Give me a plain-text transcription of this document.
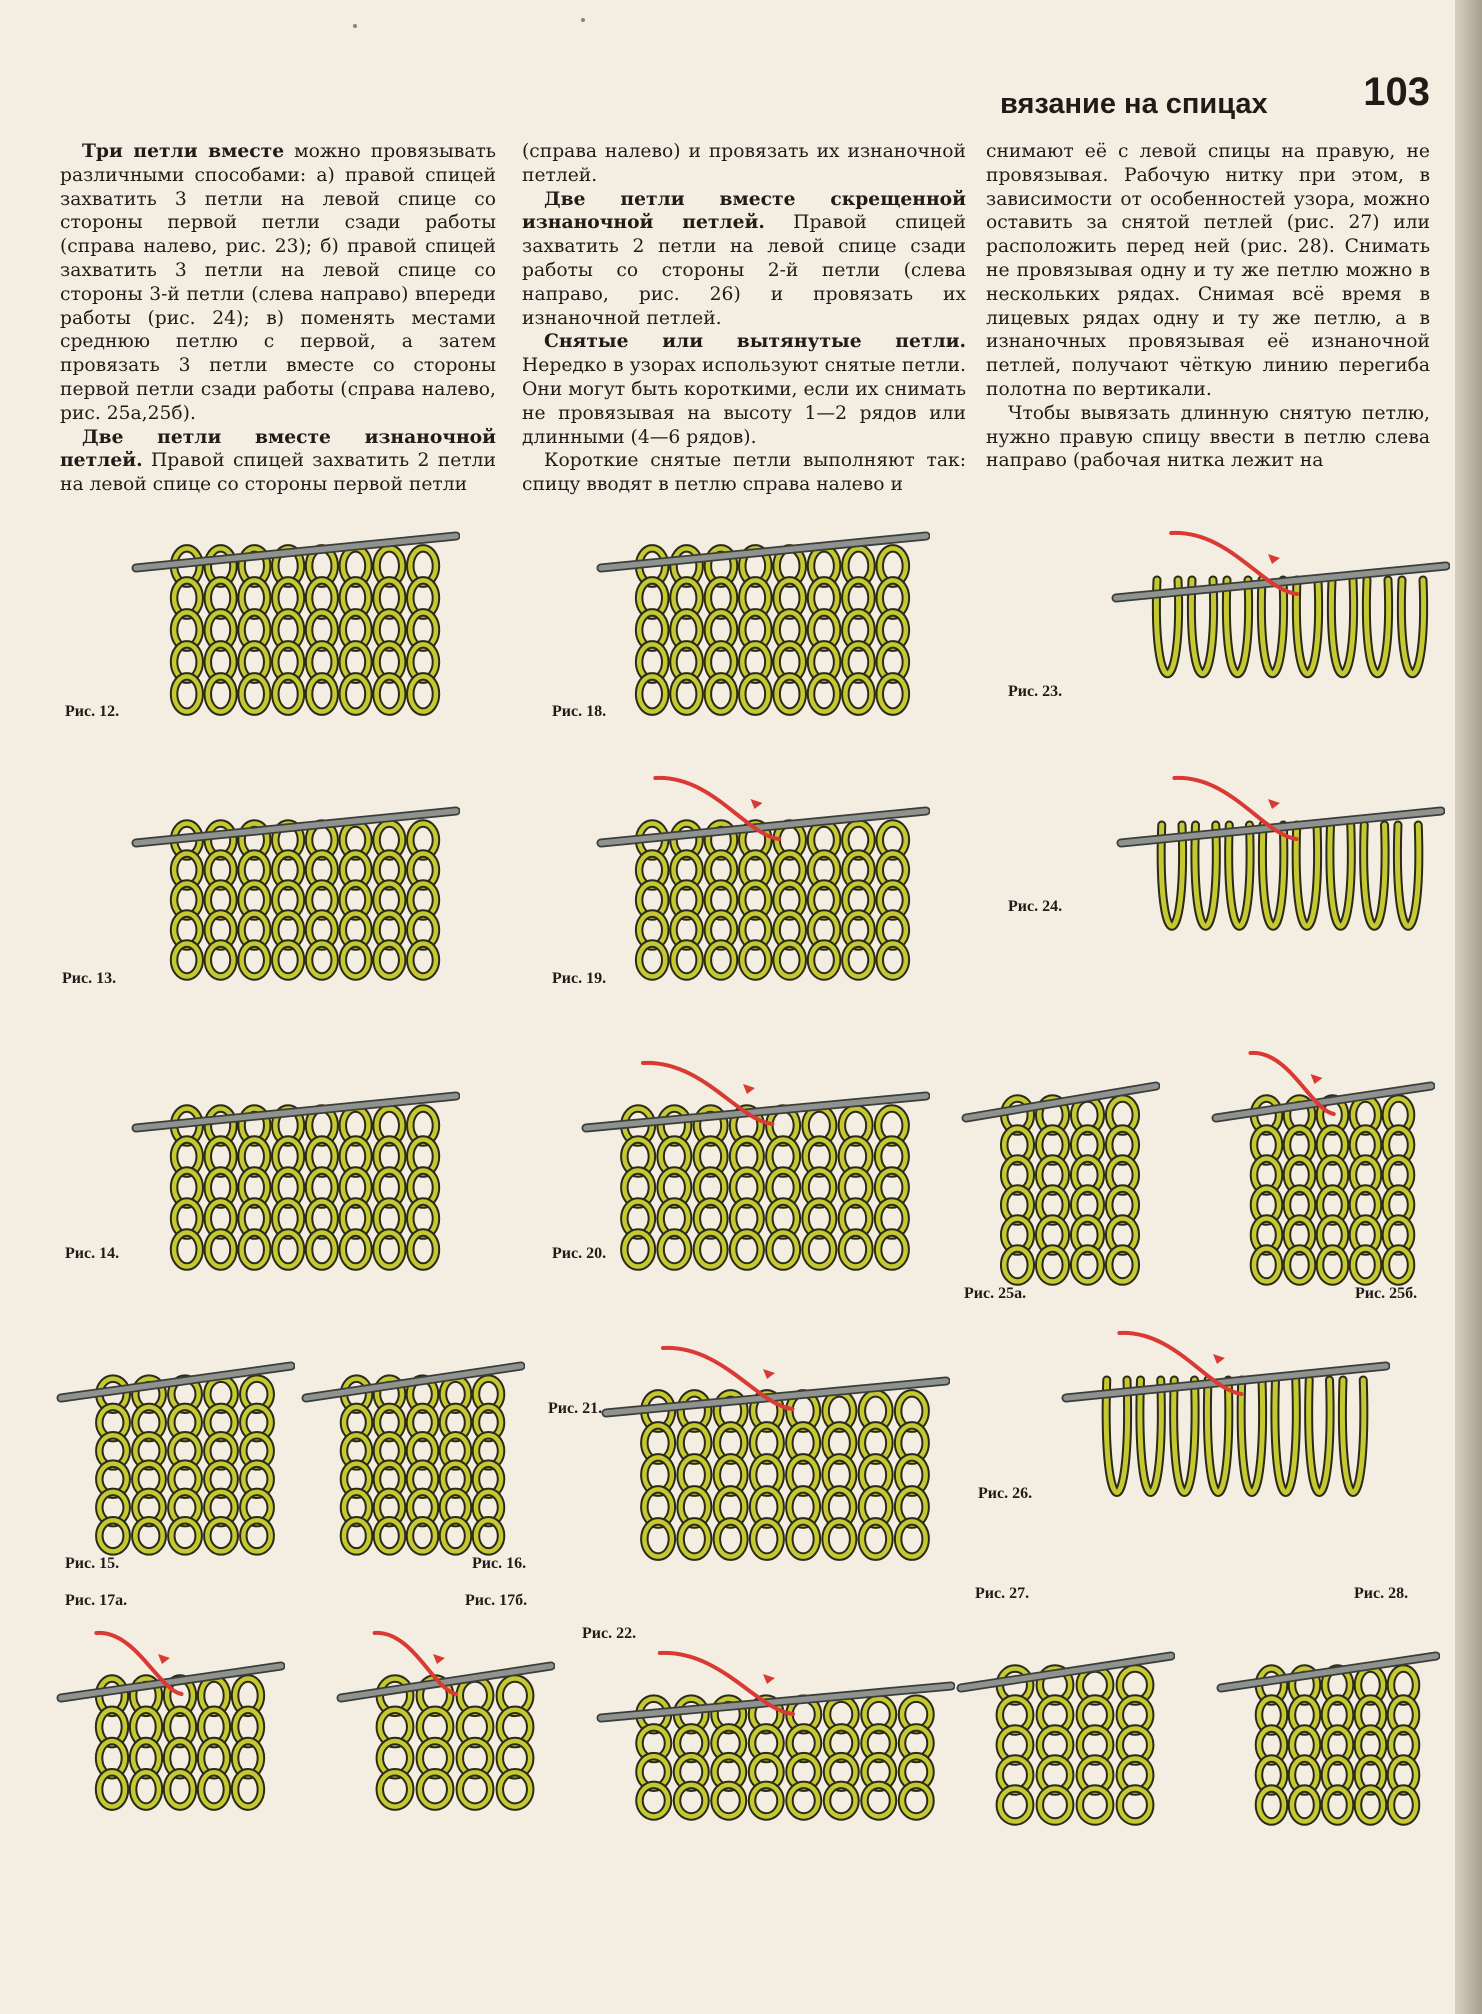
вязание на спицах 103

Три петли вместе можно провязывать различными способами: а) правой спицей захватить 3 петли на левой спице со стороны первой петли сзади работы (справа налево, рис. 23); б) правой спицей захватить 3 петли на левой спице со стороны 3-й петли (слева направо) впереди работы (рис. 24); в) поменять местами среднюю петлю с первой, а затем провязать 3 петли вместе со стороны первой петли сзади работы (справа налево, рис. 25а,25б).

Две петли вместе изнаночной петлей. Правой спицей захватить 2 петли на левой спице со стороны первой петли

(справа налево) и провязать их изнаночной петлей.

Две петли вместе скрещенной изнаночной петлей. Правой спицей захватить 2 петли на левой спице сзади работы со стороны 2-й петли (слева направо, рис. 26) и провязать их изнаночной петлей.

Снятые или вытянутые петли. Нередко в узорах используют снятые петли. Они могут быть короткими, если их снимать не провязывая на высоту 1—2 рядов или длинными (4—6 рядов).

Короткие снятые петли выполняют так: спицу вводят в петлю справа налево и

снимают её с левой спицы на правую, не провязывая. Рабочую нитку при этом, в зависимости от особенностей узора, можно оставить за снятой петлей (рис. 27) или расположить перед ней (рис. 28). Снимать не провязывая одну и ту же петлю можно в нескольких рядах. Снимая всё время в лицевых рядах одну и ту же петлю, а в изнаночных провязывая её изнаночной петлей, получают чёткую линию перегиба полотна по вертикали.

Чтобы вывязать длинную снятую петлю, нужно правую спицу ввести в петлю слева направо (рабочая нитка лежит на

Рис. 12.
Рис. 13.
Рис. 14.
Рис. 15.	Рис. 16.
Рис. 17а.	Рис. 17б.
Рис. 18.
Рис. 19.
Рис. 20.
Рис. 21.
Рис. 22.
Рис. 23.
Рис. 24.
Рис. 25а.	Рис. 25б.
Рис. 26.
Рис. 27.	Рис. 28.
